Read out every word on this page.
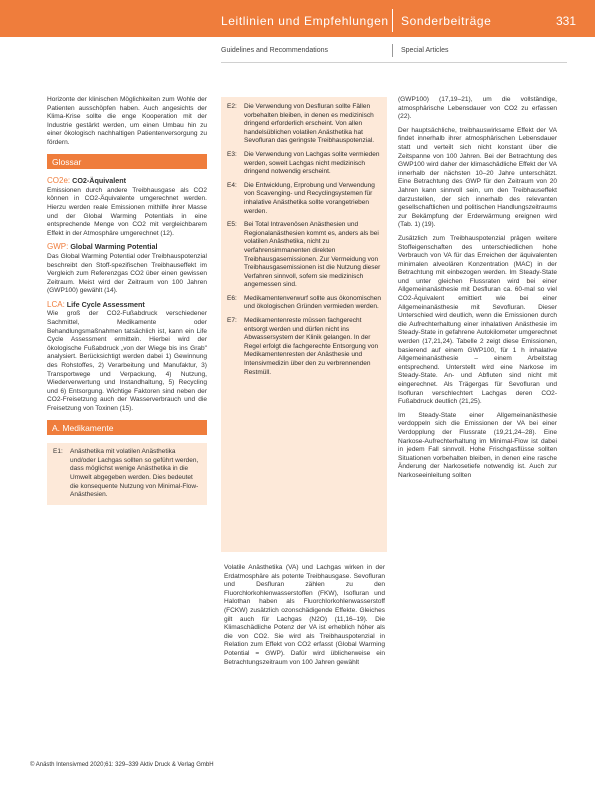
Leitlinien und Empfehlungen Sonderbeiträge	331
Guidelines and Recommendations	Special Articles

Horizonte der klinischen Möglichkeiten zum Wohle der Patienten ausschöpfen haben. Auch angesichts der Klima-Krise sollte die enge Kooperation mit der Industrie gestärkt werden, um einen Umbau hin zu einer ökologisch nachhaltigen Patientenversorgung zu fördern.

Glossar
CO2e: CO2-Äquivalent

Emissionen durch andere Treibhausgase als CO2 können in CO2-Äquivalente umgerechnet werden. Hierzu werden reale Emissionen mithilfe ihrer Masse und der Global Warming Potentials in eine entsprechende Menge von CO2 mit vergleichbarem Effekt in der Atmosphäre umgerechnet (12).

GWP: Global Warming Potential

Das Global Warming Potential oder Treibhauspotenzial beschreibt den Stoff-spezifischen Treibhauseffekt im Vergleich zum Referenzgas CO2 über einen gewissen Zeitraum. Meist wird der Zeitraum von 100 Jahren (GWP100) gewählt (14).

LCA: Life Cycle Assessment

Wie groß der CO2-Fußabdruck verschiedener Sachmittel, Medikamente oder Behandlungsmaßnahmen tatsächlich ist, kann ein Life Cycle Assessment ermitteln. Hierbei wird der ökologische Fußabdruck „von der Wiege bis ins Grab" analysiert. Berücksichtigt werden dabei 1) Gewinnung des Rohstoffes, 2) Verarbeitung und Manufaktur, 3) Transportwege und Verpackung, 4) Nutzung, Wiederverwertung und Instandhaltung, 5) Recycling und 6) Entsorgung. Wichtige Faktoren sind neben der CO2-Freisetzung auch der Wasserverbrauch und die Freisetzung von Toxinen (15).

A. Medikamente
E1:	Anästhetika mit volatilen Anästhetika und/oder Lachgas sollten so geführt werden, dass möglichst wenige Anästhetika in die Umwelt abgegeben werden. Dies bedeutet die konsequente Nutzung von Minimal-Flow-Anästhesien.
E2:	Die Verwendung von Desfluran sollte Fällen vorbehalten bleiben, in denen es medizinisch dringend erforderlich erscheint. Von allen handelsüblichen volatilen Anästhetika hat Sevofluran das geringste Treibhauspotenzial.
E3:	Die Verwendung von Lachgas sollte vermieden werden, soweit Lachgas nicht medizinisch dringend notwendig erscheint.
E4:	Die Entwicklung, Erprobung und Verwendung von Scavenging- und Recyclingsystemen für inhalative Anästhetika sollte vorangetrieben werden.
E5:	Bei Total Intravenösen Anästhesien und Regionalanästhesien kommt es, anders als bei volatilen Anästhetika, nicht zu verfahrensimmanenten direkten Treibhausgasemissionen. Zur Vermeidung von Treibhausgasemissionen ist die Nutzung dieser Verfahren sinnvoll, sofern sie medizinisch angemessen sind.
E6:	Medikamentenverwurf sollte aus ökonomischen und ökologischen Gründen vermieden werden.
E7:	Medikamentenreste müssen fachgerecht entsorgt werden und dürfen nicht ins Abwassersystem der Klinik gelangen. In der Regel erfolgt die fachgerechte Entsorgung von Medikamentenresten der Anästhesie und Intensivmedizin über den zu verbrennenden Restmüll.

Volatile Anästhetika (VA) und Lachgas wirken in der Erdatmosphäre als potente Treibhausgase. Sevofluran und Desfluran zählen zu den Fluorchlorkohlenwasserstoffen (FKW), Isofluran und Halothan haben als Fluorchlorkohlenwasserstoff (FCKW) zusätzlich ozonschädigende Effekte. Gleiches gilt auch für Lachgas (N2O) (11,16–19). Die Klimaschädliche Potenz der VA ist erheblich höher als die von CO2. Sie wird als Treibhauspotenzial in Relation zum Effekt von CO2 erfasst (Global Warming Potential = GWP). Dafür wird üblicherweise ein Betrachtungszeitraum von 100 Jahren gewählt

(GWP100) (17,19–21), um die vollständige, atmosphärische Lebensdauer von CO2 zu erfassen (22).

Der hauptsächliche, treibhauswirksame Effekt der VA findet innerhalb ihrer atmosphärischen Lebensdauer statt und verteilt sich nicht konstant über die Zeitspanne von 100 Jahren. Bei der Betrachtung des GWP100 wird daher der klimaschädliche Effekt der VA innerhalb der nächsten 10–20 Jahre unterschätzt. Eine Betrachtung des GWP für den Zeitraum von 20 Jahren kann sinnvoll sein, um den Treibhauseffekt darzustellen, der sich innerhalb des relevanten gesellschaftlichen und politischen Handlungszeitraums zur Bekämpfung der Erderwärmung ereignen wird (Tab. 1) (19).

Zusätzlich zum Treibhauspotenzial prägen weitere Stoffeigenschaften des unterschiedlichen hohe Verbrauch von VA für das Erreichen der äquivalenten minimalen alveolären Konzentration (MAC) in der Betrachtung mit einbezogen werden. Im Steady-State und unter gleichen Flussraten wird bei einer Allgemeinanästhesie mit Desfluran ca. 60-mal so viel CO2-Äquivalent emittiert wie bei einer Allgemeinanästhesie mit Sevofluran. Dieser Unterschied wird deutlich, wenn die Emissionen durch die Aufrechterhaltung einer inhalativen Anästhesie im Steady-State in gefahrene Autokilometer umgerechnet werden (17,21,24). Tabelle 2 zeigt diese Emissionen, basierend auf einem GWP100, für 1 h inhalative Allgemeinanästhesie – einem Arbeitstag entsprechend. Unterstellt wird eine Narkose im Steady-State. An- und Abfluten sind nicht mit eingerechnet. Als Trägergas für Sevofluran und Isofluran verschlechtert Lachgas deren CO2-Fußabdruck deutlich (21,25).

Im Steady-State einer Allgemeinanästhesie verdoppeln sich die Emissionen der VA bei einer Verdopplung der Flussrate (19,21,24–28). Eine Narkose-Aufrechterhaltung im Minimal-Flow ist dabei in jedem Fall sinnvoll. Hohe Frischgasflüsse sollten Situationen vorbehalten bleiben, in denen eine rasche Änderung der Narkosetiefe notwendig ist. Auch zur Narkoseeinleitung sollten

© Anästh Intensivmed 2020;61: 329–339 Aktiv Druck & Verlag GmbH
